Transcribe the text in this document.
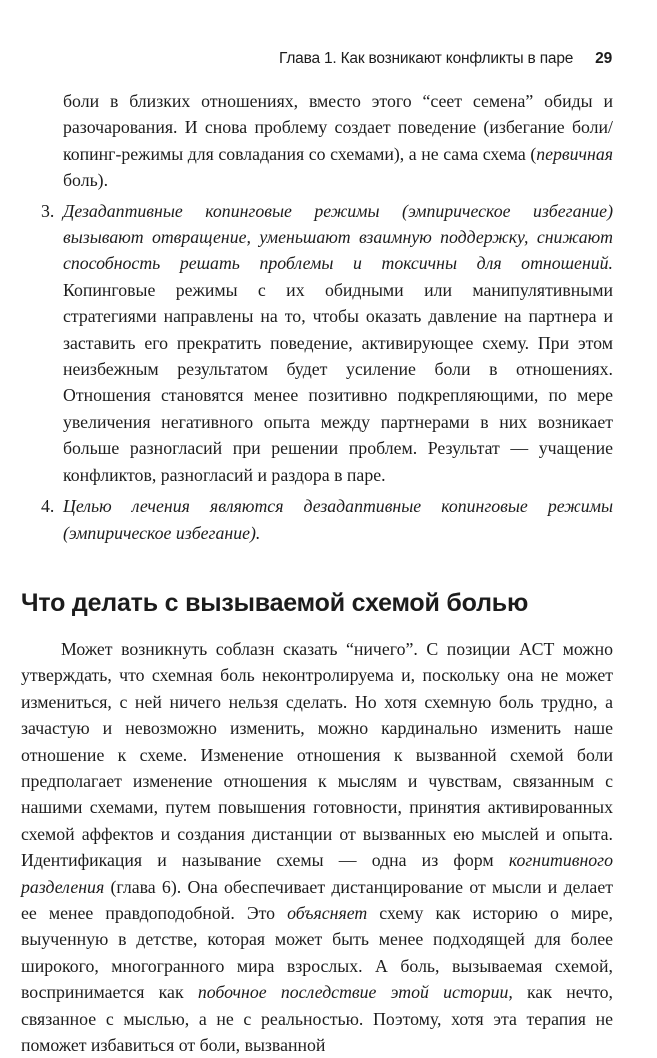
Глава 1. Как возникают конфликты в паре 29

боли в близких отношениях, вместо этого “сеет семена” обиды и разочарования. И снова проблему создает поведение (избегание боли/ копинг-режимы для совладания со схемами), а не сама схема (первичная боль).

3. Дезадаптивные копинговые режимы (эмпирическое избегание) вызывают отвращение, уменьшают взаимную поддержку, снижают способность решать проблемы и токсичны для отношений. Копинговые режимы с их обидными или манипулятивными стратегиями направлены на то, чтобы оказать давление на партнера и заставить его прекратить поведение, активирующее схему. При этом неизбежным результатом будет усиление боли в отношениях. Отношения становятся менее позитивно подкрепляющими, по мере увеличения негативного опыта между партнерами в них возникает больше разногласий при решении проблем. Результат — учащение конфликтов, разногласий и раздора в паре.

4. Целью лечения являются дезадаптивные копинговые режимы (эмпирическое избегание).

Что делать с вызываемой схемой болью

Может возникнуть соблазн сказать “ничего”. С позиции ACT можно утверждать, что схемная боль неконтролируема и, поскольку она не может измениться, с ней ничего нельзя сделать. Но хотя схемную боль трудно, а зачастую и невозможно изменить, можно кардинально изменить наше отношение к схеме. Изменение отношения к вызванной схемой боли предполагает изменение отношения к мыслям и чувствам, связанным с нашими схемами, путем повышения готовности, принятия активированных схемой аффектов и создания дистанции от вызванных ею мыслей и опыта. Идентификация и называние схемы — одна из форм когнитивного разделения (глава 6). Она обеспечивает дистанцирование от мысли и делает ее менее правдоподобной. Это объясняет схему как историю о мире, выученную в детстве, которая может быть менее подходящей для более широкого, многогранного мира взрослых. А боль, вызываемая схемой, воспринимается как побочное последствие этой истории, как нечто, связанное с мыслью, а не с реальностью. Поэтому, хотя эта терапия не поможет избавиться от боли, вызванной
